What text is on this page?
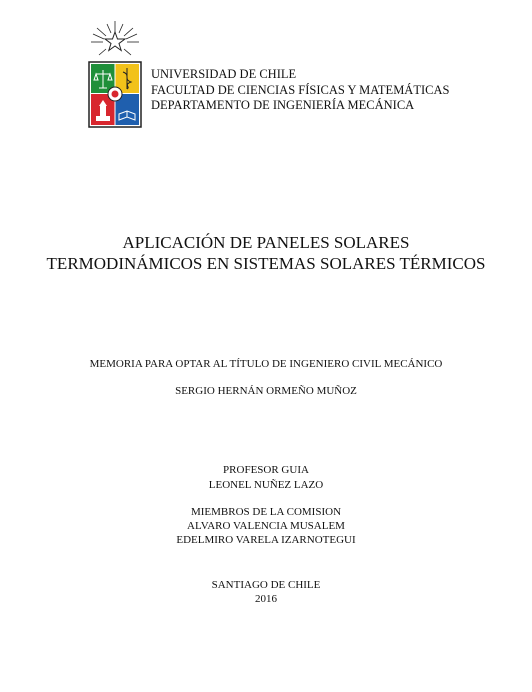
UNIVERSIDAD DE CHILE
FACULTAD DE CIENCIAS FÍSICAS Y MATEMÁTICAS
DEPARTAMENTO DE INGENIERÍA MECÁNICA
APLICACIÓN DE PANELES SOLARES
TERMODINÁMICOS EN SISTEMAS SOLARES TÉRMICOS
MEMORIA PARA OPTAR AL TÍTULO DE INGENIERO CIVIL MECÁNICO
SERGIO HERNÁN ORMEÑO MUÑOZ
PROFESOR GUIA
LEONEL NUÑEZ LAZO
MIEMBROS DE LA COMISION
ALVARO VALENCIA MUSALEM
EDELMIRO VARELA IZARNOTEGUI
SANTIAGO DE CHILE
2016
